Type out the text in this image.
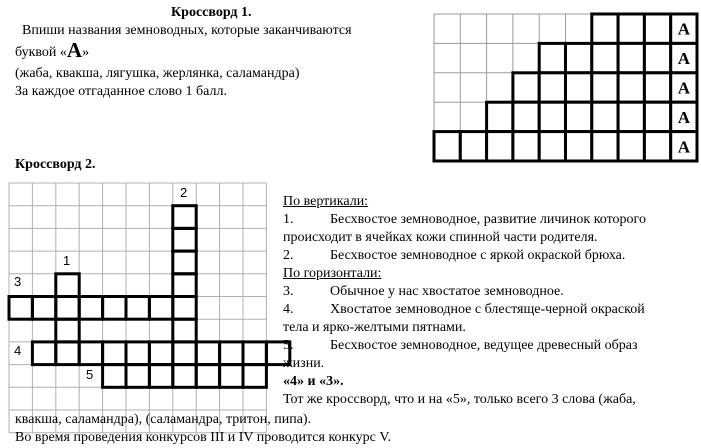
Кроссворд 1.
Впиши названия земноводных, которые заканчиваются
буквой «А»
(жаба, квакша, лягушка, жерлянка, саламандра)
За каждое отгаданное слово 1 балл.
А
А
А
А
А
Кроссворд 2.
2
1
3
4
5
По вертикали:
1.	Бесхвостое земноводное, развитие личинок которого
происходит в ячейках кожи спинной части родителя.
2.	Бесхвостое земноводное с яркой окраской брюха.
По горизонтали:
3.	Обычное у нас хвостатое земноводное.
4.	Хвостатое земноводное с блестяще-черной окраской
тела и ярко-желтыми пятнами.
5.	Бесхвостое земноводное, ведущее древесный образ
жизни.
«4» и «3».
Тот же кроссворд, что и на «5», только всего 3 слова (жаба,
квакша, саламандра), (саламандра, тритон, пипа).
Во время проведения конкурсов III и IV проводится конкурс V.
